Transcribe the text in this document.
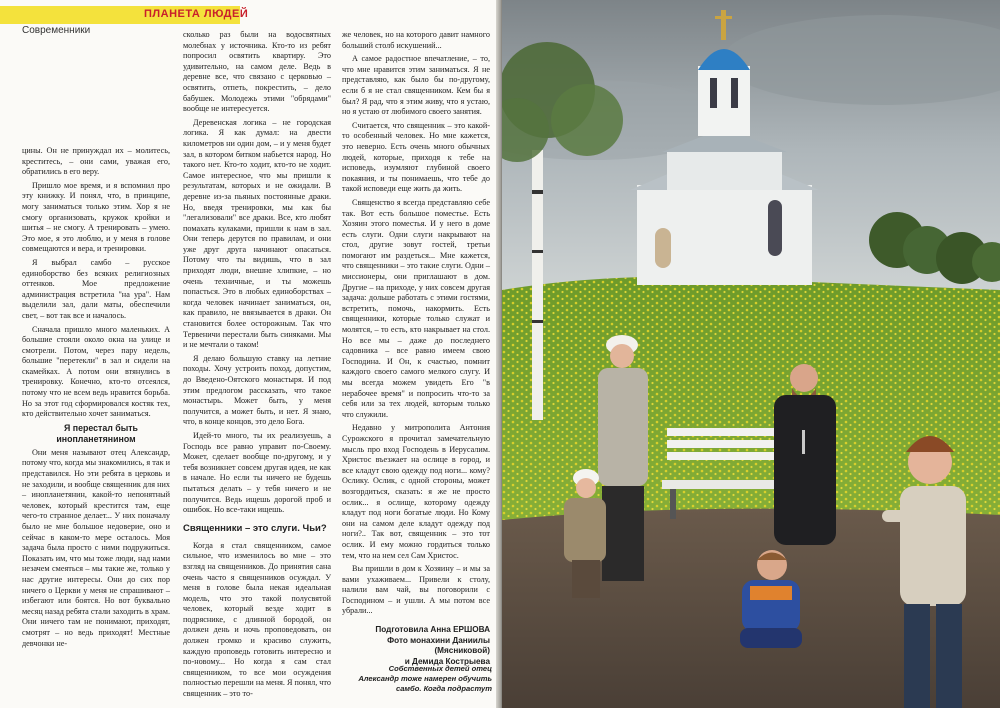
ПЛАНЕТА ЛЮДЕЙ
Современники

цины. Он не принуждал их – молитесь, креститесь, – они сами, уважая его, обратились в его веру.

Пришло мое время, и я вспомнил про эту книжку. И понял, что, в принципе, могу заниматься только этим. Хор я не смогу организовать, кружок кройки и шитья – не смогу. А тренировать – умею. Это мое, я это люблю, и у меня в голове совмещаются и вера, и тренировки.

Я выбрал самбо – русское единоборство без всяких религиозных оттенков. Мое предложение администрация встретила "на ура". Нам выделили зал, дали маты, обеспечили свет, – вот так все и началось.

Сначала пришло много маленьких. А большие стояли около окна на улице и смотрели. Потом, через пару недель, большие "перетекли" в зал и сидели на скамейках. А потом они втянулись в тренировку. Конечно, кто-то отсеялся, потому что не всем ведь нравится борьба. Но за этот год сформировался костяк тех, кто действительно хочет заниматься.

Я перестал быть инопланетянином

Они меня называют отец Александр, потому что, когда мы знакомились, я так и представился. Но эти ребята в церковь и не заходили, и вообще священник для них – инопланетянин, какой-то непонятный человек, который крестится там, еще чего-то странное делает... У них поначалу было не мне большое недоверие, оно и сейчас в каком-то мере осталось. Моя задача была просто с ними подружиться. Показать им, что мы тоже люди, над нами незачем смеяться – мы такие же, только у нас другие интересы. Они до сих пор ничего о Церкви у меня не спрашивают – избегают или боятся. Но вот буквально месяц назад ребята стали заходить в храм. Они ничего там не понимают, приходят, смотрят – но ведь приходят! Местные девчонки не-

сколько раз были на водосвятных молебнах у источника. Кто-то из ребят попросил освятить квартиру. Это удивительно, на самом деле. Ведь в деревне все, что связано с церковью – освятить, отпеть, покрестить, – дело бабушек. Молодежь этими "обрядами" вообще не интересуется.

Деревенская логика – не городская логика. Я как думал: на двести километров ни один дом, – и у меня будет зал, в котором битком набьется народ. Но такого нет. Кто-то ходит, кто-то не ходит. Самое интересное, что мы пришли к результатам, которых и не ожидали. В деревне из-за пьяных постоянные драки. Но, введя тренировки, мы как бы "легализовали" все драки. Все, кто любят помахать кулаками, пришли к нам в зал. Они теперь дерутся по правилам, и они уже друг друга начинают опасаться. Потому что ты видишь, что в зал приходят люди, внешне хлипкие, – но очень техничные, и ты можешь попасться. Это в любых единоборствах – когда человек начинает заниматься, он, как правило, не ввязывается в драки. Он становится более осторожным. Так что Тервеничи перестали быть синяками. Мы и не мечтали о таком!

Я делаю большую ставку на летние походы. Хочу устроить поход, допустим, до Введено-Оятского монастыря. И под этим предлогом рассказать, что такое монастырь. Может быть, у меня получится, а может быть, и нет. Я знаю, что, в конце концов, это дело Бога.

Идей-то много, ты их реализуешь, а Господь все равно управит по-Своему. Может, сделает вообще по-другому, и у тебя возникнет совсем другая идея, не как в начале. Но если ты ничего не будешь пытаться делать – у тебя ничего и не получится. Ведь ищешь дорогой проб и ошибок. Но все-таки ищешь.

Священники – это слуги. Чьи?

Когда я стал священником, самое сильное, что изменилось во мне – это взгляд на священников. До принятия сана очень часто я священников осуждал. У меня в голове была некая идеальная модель, что это такой полусвятой человек, который везде ходит в подряснике, с длинной бородой, он должен день и ночь проповедовать, он должен громко и красиво служить, каждую проповедь готовить интересно и по-новому... Но когда я сам стал священником, то все мои осуждения полностью перешли на меня. Я понял, что священник – это то-

же человек, но на которого давит намного больший столб искушений...

А самое радостное впечатление, – то, что мне нравится этим заниматься. Я не представляю, как было бы по-другому, если б я не стал священником. Кем бы я был? Я рад, что я этим живу, что я устаю, но я устаю от любимого своего занятия.

Считается, что священник – это какой-то особенный человек. Но мне кажется, это неверно. Есть очень много обычных людей, которые, приходя к тебе на исповедь, изумляют глубиной своего покаяния, и ты понимаешь, что тебе до такой исповеди еще жить да жить.

Священство я всегда представляю себе так. Вот есть большое поместье. Есть Хозяин этого поместья. И у него в доме есть слуги. Одни слуги накрывают на стол, другие зовут гостей, третьи помогают им раздеться... Мне кажется, что священники – это такие слуги. Одни – миссионеры, они приглашают в дом. Другие – на приходе, у них совсем другая задача: дольше работать с этими гостями, встретить, помочь, накормить. Есть священники, которые только служат и молятся, – то есть, кто накрывает на стол. Но все мы – даже до последнего садовника – все равно имеем свою Господина. И Он, к счастью, помнит каждого своего самого мелкого слугу. И мы всегда можем увидеть Его "в нерабочее время" и попросить что-то за себя или за тех людей, которым только что служили.

Недавно у митрополита Антония Сурожского я прочитал замечательную мысль про вход Господень в Иерусалим. Христос въезжает на ослице в город, и все кладут свою одежду под ноги... кому? Ослику. Ослик, с одной стороны, может возгордиться, сказать: я же не просто ослик... я ослище, которому одежду кладут под ноги богатые люди. Но Кому они на самом деле кладут одежду под ноги?.. Так вот, священник – это тот ослик. И ему можно гордиться только тем, что на нем сел Сам Христос.

Вы пришли в дом к Хозяину – и мы за вами ухаживаем... Привели к столу, налили вам чай, вы поговорили с Господином – и ушли. А мы потом все убрали...

Подготовила Анна ЕРШОВА
Фото монахини Даниилы
(Мясниковой)
и Демида Кострыева
Собственных детей отец Александр тоже намерен обучить самбо. Когда подрастут
